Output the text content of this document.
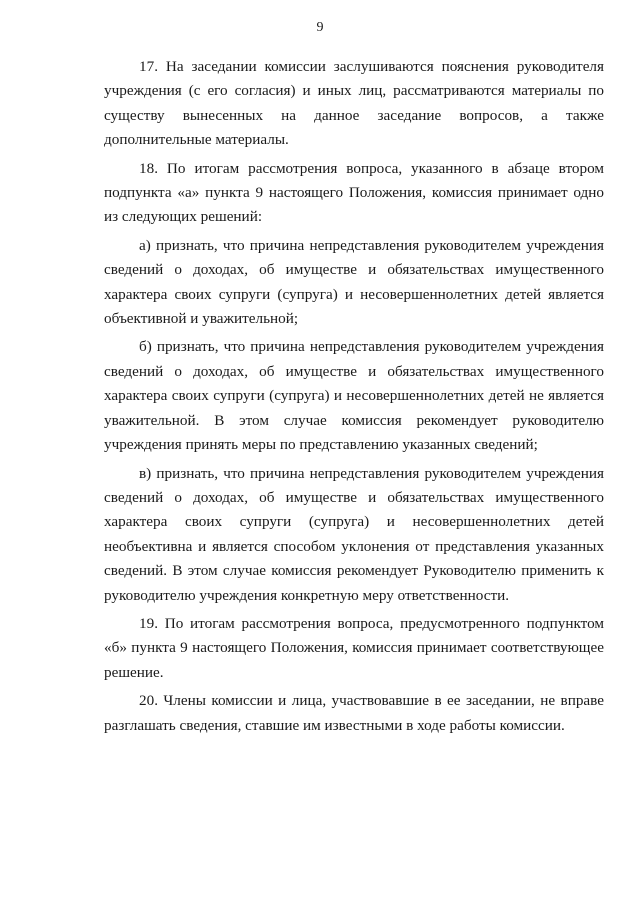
9

17. На заседании комиссии заслушиваются пояснения руководителя учреждения (с его согласия) и иных лиц, рассматриваются материалы по существу вынесенных на данное заседание вопросов, а также дополнительные материалы.

18. По итогам рассмотрения вопроса, указанного в абзаце втором подпункта «а» пункта 9 настоящего Положения, комиссия принимает одно из следующих решений:

а) признать, что причина непредставления руководителем учреждения сведений о доходах, об имуществе и обязательствах имущественного характера своих супруги (супруга) и несовершеннолетних детей является объективной и уважительной;

б) признать, что причина непредставления руководителем учреждения сведений о доходах, об имуществе и обязательствах имущественного характера своих супруги (супруга) и несовершеннолетних детей не является уважительной. В этом случае комиссия рекомендует руководителю учреждения принять меры по представлению указанных сведений;

в) признать, что причина непредставления руководителем учреждения сведений о доходах, об имуществе и обязательствах имущественного характера своих супруги (супруга) и несовершеннолетних детей необъективна и является способом уклонения от представления указанных сведений. В этом случае комиссия рекомендует Руководителю применить к руководителю учреждения конкретную меру ответственности.

19. По итогам рассмотрения вопроса, предусмотренного подпунктом «б» пункта 9 настоящего Положения, комиссия принимает соответствующее решение.

20. Члены комиссии и лица, участвовавшие в ее заседании, не вправе разглашать сведения, ставшие им известными в ходе работы комиссии.
